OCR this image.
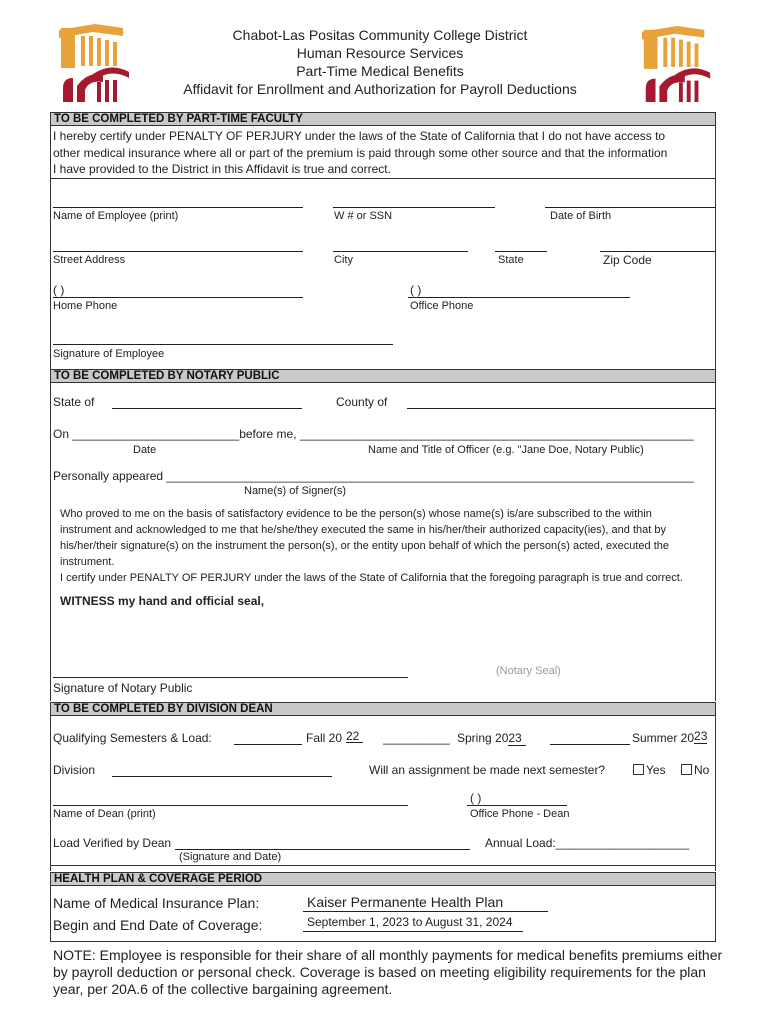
Chabot-Las Positas Community College District
Human Resource Services
Part-Time Medical Benefits
Affidavit for Enrollment and Authorization for Payroll Deductions
TO BE COMPLETED BY PART-TIME FACULTY
I hereby certify under PENALTY OF PERJURY under the laws of the State of California that I do not have access to
other medical insurance where all or part of the premium is paid through some other source and that the information
I have provided to the District in this Affidavit is true and correct.
Name of Employee (print)	W # or SSN	Date of Birth
Street Address	City	State	Zip Code
( )	( )
Home Phone	Office Phone
Signature of Employee
TO BE COMPLETED BY NOTARY PUBLIC
State of	County of
On _________________________before me, ___________________________________________________________
Date	Name and Title of Officer (e.g. "Jane Doe, Notary Public)
Personally appeared _______________________________________________________________________________
Name(s) of Signer(s)
Who proved to me on the basis of satisfactory evidence to be the person(s) whose name(s) is/are subscribed to the within
instrument and acknowledged to me that he/she/they executed the same in his/her/their authorized capacity(ies), and that by
his/her/their signature(s) on the instrument the person(s), or the entity upon behalf of which the person(s) acted, executed the
instrument.
I certify under PENALTY OF PERJURY under the laws of the State of California that the foregoing paragraph is true and correct.
WITNESS my hand and official seal,
(Notary Seal)
Signature of Notary Public
TO BE COMPLETED BY DIVISION DEAN
Qualifying Semesters & Load:	Fall 20 22	__________ Spring 2023	Summer 2023
Division	Will an assignment be made next semester?	Yes	No
( )
Name of Dean (print)	Office Phone - Dean
Load Verified by Dean	Annual Load:____________________
(Signature and Date)
HEALTH PLAN & COVERAGE PERIOD
Name of Medical Insurance Plan:	Kaiser Permanente Health Plan
Begin and End Date of Coverage:	September 1, 2023 to August 31, 2024
NOTE: Employee is responsible for their share of all monthly payments for medical benefits premiums either
by payroll deduction or personal check. Coverage is based on meeting eligibility requirements for the plan
year, per 20A.6 of the collective bargaining agreement.
